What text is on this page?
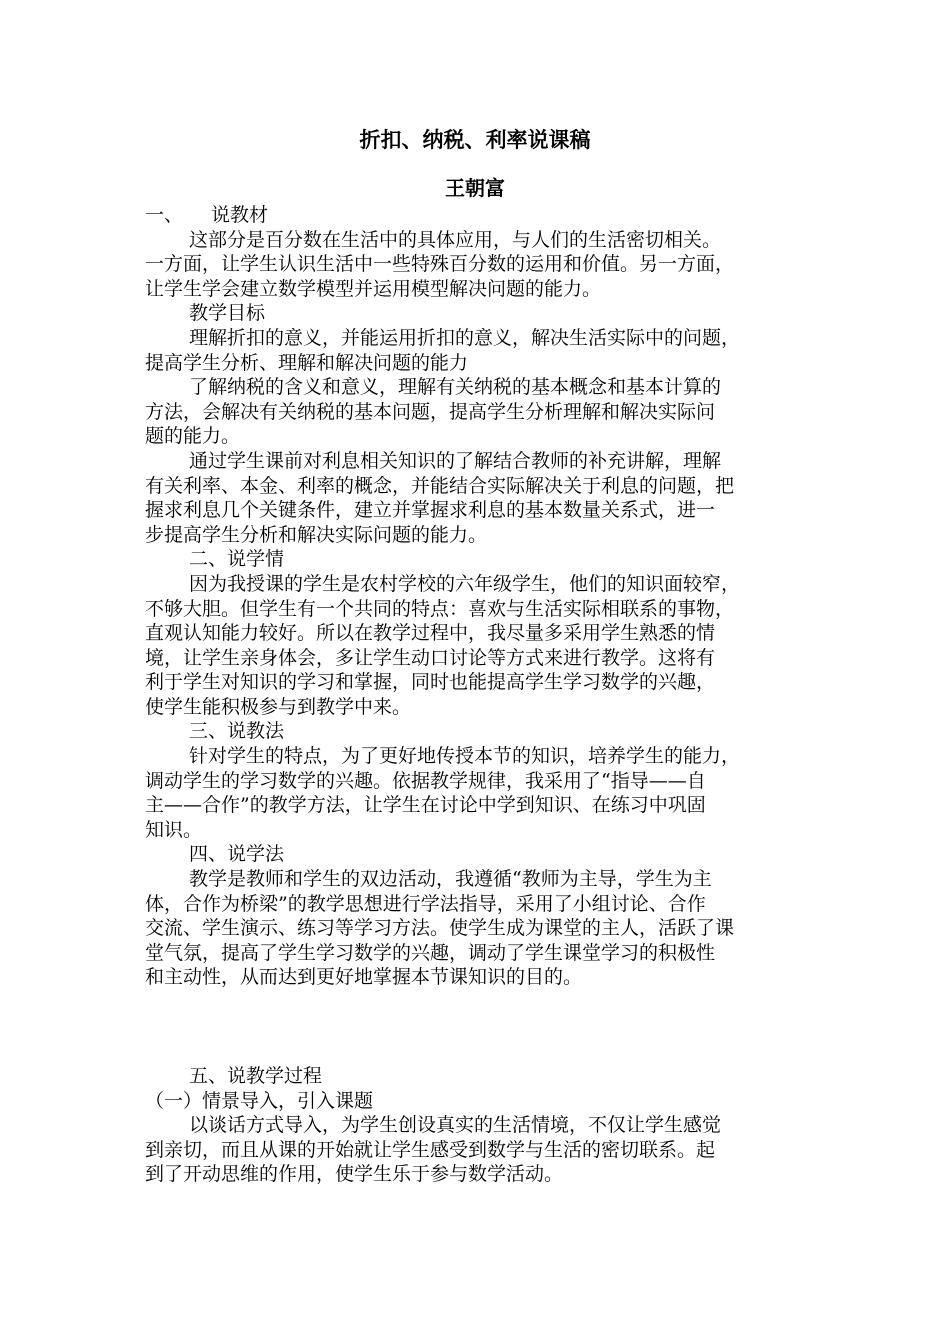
折扣、纳税、利率说课稿
王朝富
一、 说教材
这部分是百分数在生活中的具体应用，与人们的生活密切相关。
一方面，让学生认识生活中一些特殊百分数的运用和价值。另一方面，
让学生学会建立数学模型并运用模型解决问题的能力。
教学目标
理解折扣的意义，并能运用折扣的意义，解决生活实际中的问题，
提高学生分析、理解和解决问题的能力
了解纳税的含义和意义，理解有关纳税的基本概念和基本计算的
方法，会解决有关纳税的基本问题，提高学生分析理解和解决实际问
题的能力。
通过学生课前对利息相关知识的了解结合教师的补充讲解，理解
有关利率、本金、利率的概念，并能结合实际解决关于利息的问题，把
握求利息几个关键条件，建立并掌握求利息的基本数量关系式，进一
步提高学生分析和解决实际问题的能力。
二、说学情
因为我授课的学生是农村学校的六年级学生，他们的知识面较窄，
不够大胆。但学生有一个共同的特点：喜欢与生活实际相联系的事物，
直观认知能力较好。所以在教学过程中，我尽量多采用学生熟悉的情
境，让学生亲身体会，多让学生动口讨论等方式来进行教学。这将有
利于学生对知识的学习和掌握，同时也能提高学生学习数学的兴趣，
使学生能积极参与到教学中来。
三、说教法
针对学生的特点，为了更好地传授本节的知识，培养学生的能力，
调动学生的学习数学的兴趣。依据教学规律，我采用了“指导——自
主——合作”的教学方法，让学生在讨论中学到知识、在练习中巩固
知识。
四、说学法
教学是教师和学生的双边活动，我遵循“教师为主导，学生为主
体，合作为桥梁”的教学思想进行学法指导，采用了小组讨论、合作
交流、学生演示、练习等学习方法。使学生成为课堂的主人，活跃了课
堂气氛，提高了学生学习数学的兴趣，调动了学生课堂学习的积极性
和主动性，从而达到更好地掌握本节课知识的目的。
五、说教学过程
（一）情景导入，引入课题
以谈话方式导入，为学生创设真实的生活情境，不仅让学生感觉
到亲切，而且从课的开始就让学生感受到数学与生活的密切联系。起
到了开动思维的作用，使学生乐于参与数学活动。
